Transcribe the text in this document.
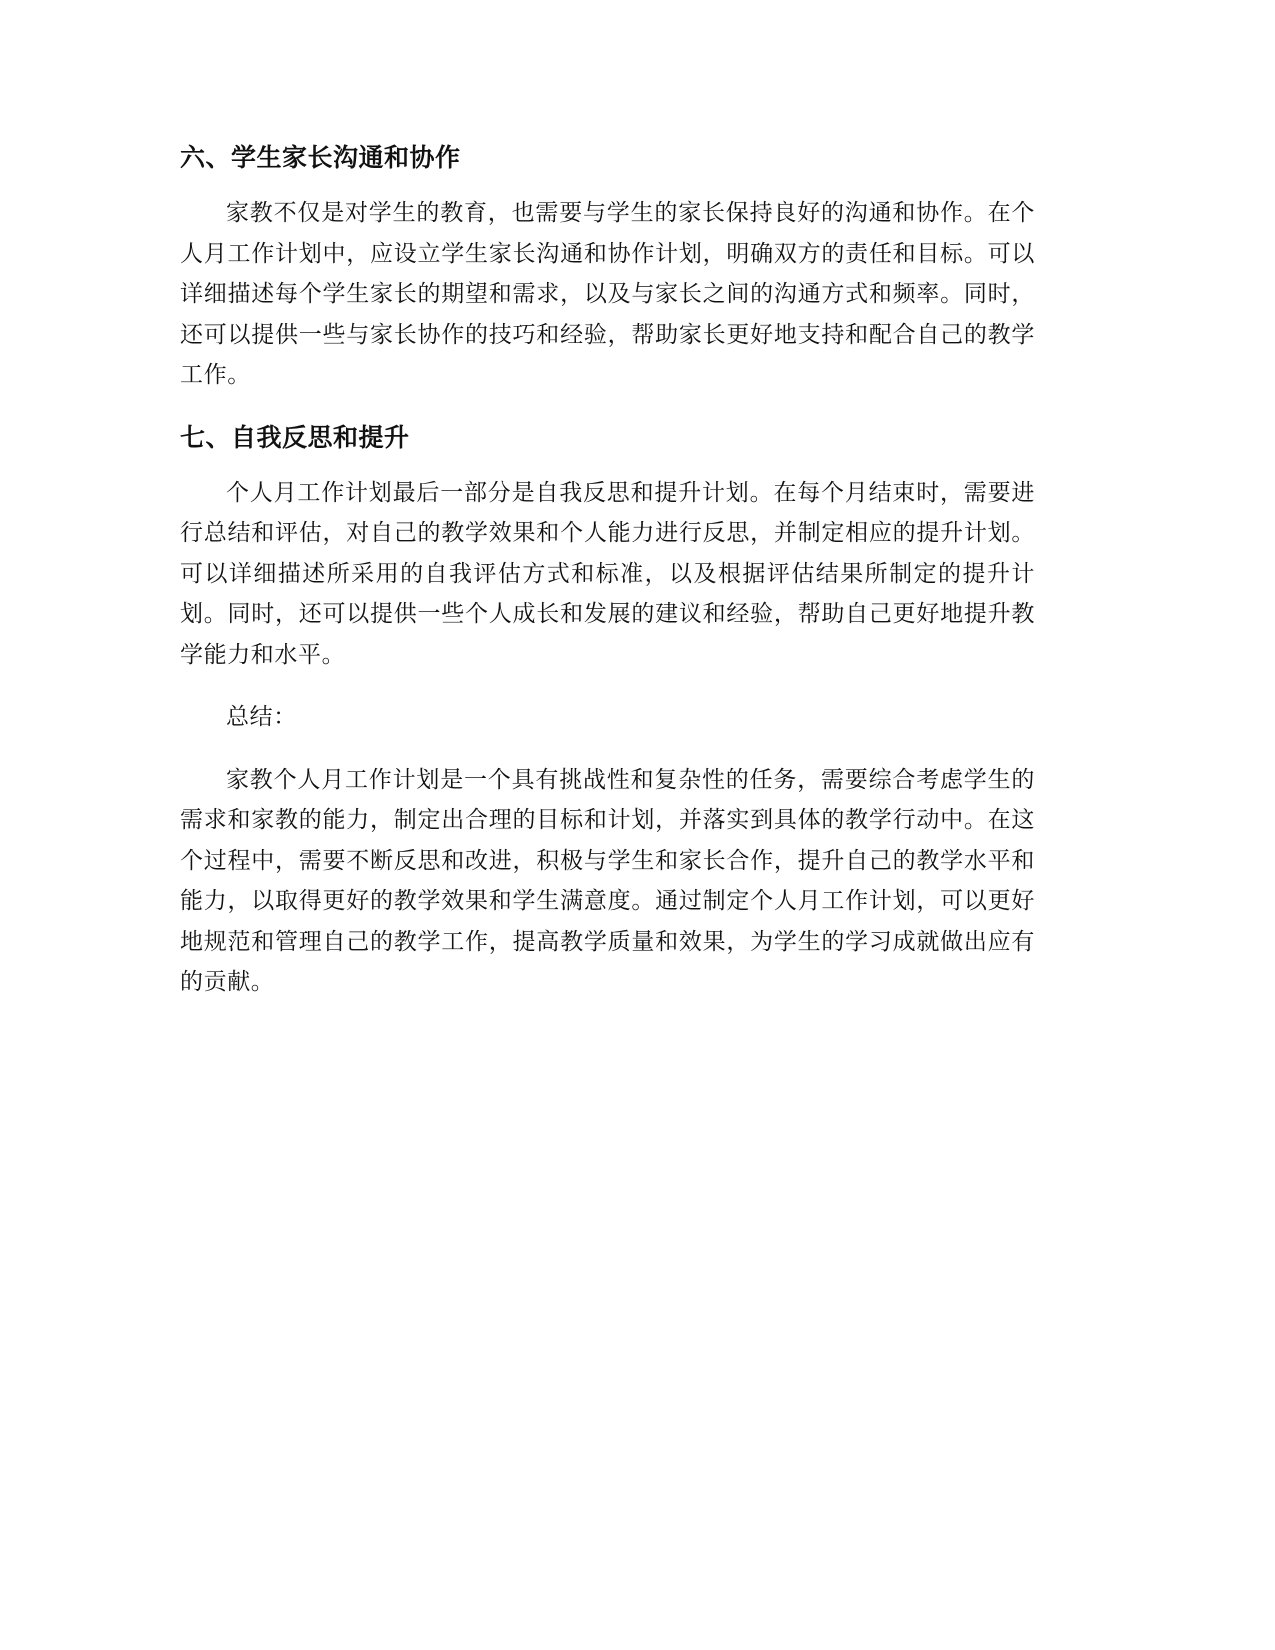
六、学生家长沟通和协作

家教不仅是对学生的教育，也需要与学生的家长保持良好的沟通和协作。在个人月工作计划中，应设立学生家长沟通和协作计划，明确双方的责任和目标。可以详细描述每个学生家长的期望和需求，以及与家长之间的沟通方式和频率。同时，还可以提供一些与家长协作的技巧和经验，帮助家长更好地支持和配合自己的教学工作。

七、自我反思和提升

个人月工作计划最后一部分是自我反思和提升计划。在每个月结束时，需要进行总结和评估，对自己的教学效果和个人能力进行反思，并制定相应的提升计划。可以详细描述所采用的自我评估方式和标准，以及根据评估结果所制定的提升计划。同时，还可以提供一些个人成长和发展的建议和经验，帮助自己更好地提升教学能力和水平。

总结：

家教个人月工作计划是一个具有挑战性和复杂性的任务，需要综合考虑学生的需求和家教的能力，制定出合理的目标和计划，并落实到具体的教学行动中。在这个过程中，需要不断反思和改进，积极与学生和家长合作，提升自己的教学水平和能力，以取得更好的教学效果和学生满意度。通过制定个人月工作计划，可以更好地规范和管理自己的教学工作，提高教学质量和效果，为学生的学习成就做出应有的贡献。
